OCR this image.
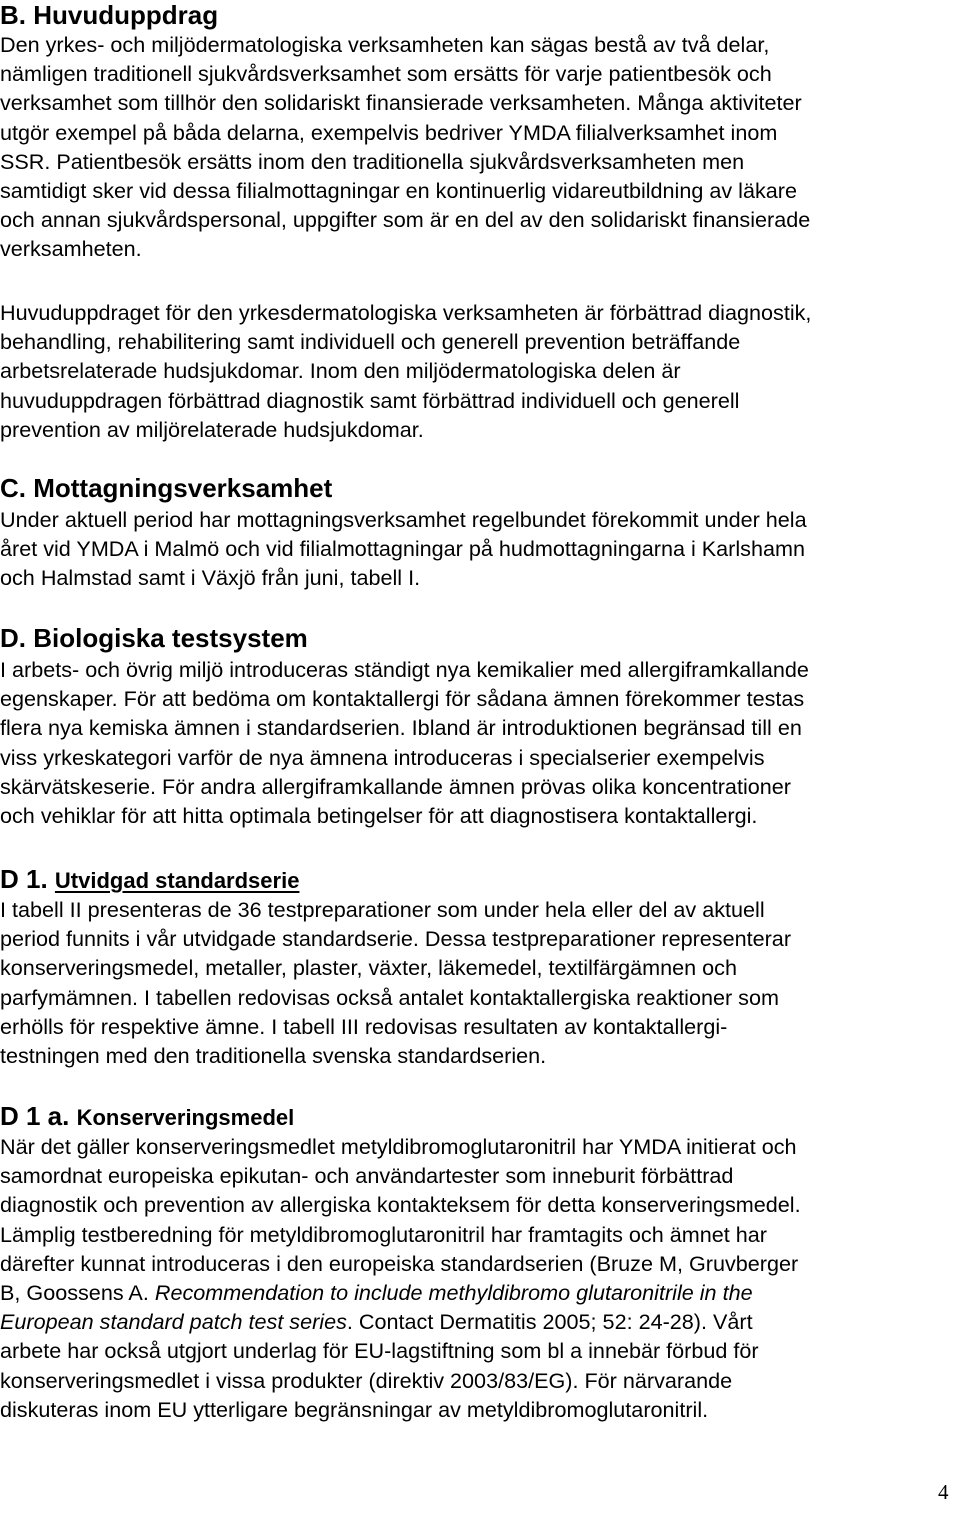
B. Huvuduppdrag
Den yrkes- och miljödermatologiska verksamheten kan sägas bestå av två delar,
nämligen traditionell sjukvårdsverksamhet som ersätts för varje patientbesök och
verksamhet som tillhör den solidariskt finansierade verksamheten. Många aktiviteter
utgör exempel på båda delarna, exempelvis bedriver YMDA filialverksamhet inom
SSR. Patientbesök ersätts inom den traditionella sjukvårdsverksamheten men
samtidigt sker vid dessa filialmottagningar en kontinuerlig vidareutbildning av läkare
och annan sjukvårdspersonal, uppgifter som är en del av den solidariskt finansierade
verksamheten.
Huvuduppdraget för den yrkesdermatologiska verksamheten är förbättrad diagnostik,
behandling, rehabilitering samt individuell och generell prevention beträffande
arbetsrelaterade hudsjukdomar. Inom den miljödermatologiska delen är
huvuduppdragen förbättrad diagnostik samt förbättrad individuell och generell
prevention av miljörelaterade hudsjukdomar.
C. Mottagningsverksamhet
Under aktuell period har mottagningsverksamhet regelbundet förekommit under hela
året vid YMDA i Malmö och vid filialmottagningar på hudmottagningarna i Karlshamn
och Halmstad samt i Växjö från juni, tabell I.
D. Biologiska testsystem
I arbets- och övrig miljö introduceras ständigt nya kemikalier med allergiframkallande
egenskaper. För att bedöma om kontaktallergi för sådana ämnen förekommer testas
flera nya kemiska ämnen i standardserien. Ibland är introduktionen begränsad till en
viss yrkeskategori varför de nya ämnena introduceras i specialserier exempelvis
skärvätskeserie. För andra allergiframkallande ämnen prövas olika koncentrationer
och vehiklar för att hitta optimala betingelser för att diagnostisera kontaktallergi.
D 1. Utvidgad standardserie
I tabell II presenteras de 36 testpreparationer som under hela eller del av aktuell
period funnits i vår utvidgade standardserie. Dessa testpreparationer representerar
konserveringsmedel, metaller, plaster, växter, läkemedel, textilfärgämnen och
parfymämnen. I tabellen redovisas också antalet kontaktallergiska reaktioner som
erhölls för respektive ämne. I tabell III redovisas resultaten av kontaktallergi-
testningen med den traditionella svenska standardserien.
D 1 a. Konserveringsmedel
När det gäller konserveringsmedlet metyldibromoglutaronitril har YMDA initierat och
samordnat europeiska epikutan- och användartester som inneburit förbättrad
diagnostik och prevention av allergiska kontakteksem för detta konserveringsmedel.
Lämplig testberedning för metyldibromoglutaronitril har framtagits och ämnet har
därefter kunnat introduceras i den europeiska standardserien (Bruze M, Gruvberger
B, Goossens A. Recommendation to include methyldibromo glutaronitrile in the
European standard patch test series. Contact Dermatitis 2005; 52: 24-28). Vårt
arbete har också utgjort underlag för EU-lagstiftning som bl a innebär förbud för
konserveringsmedlet i vissa produkter (direktiv 2003/83/EG). För närvarande
diskuteras inom EU ytterligare begränsningar av metyldibromoglutaronitril.
4
